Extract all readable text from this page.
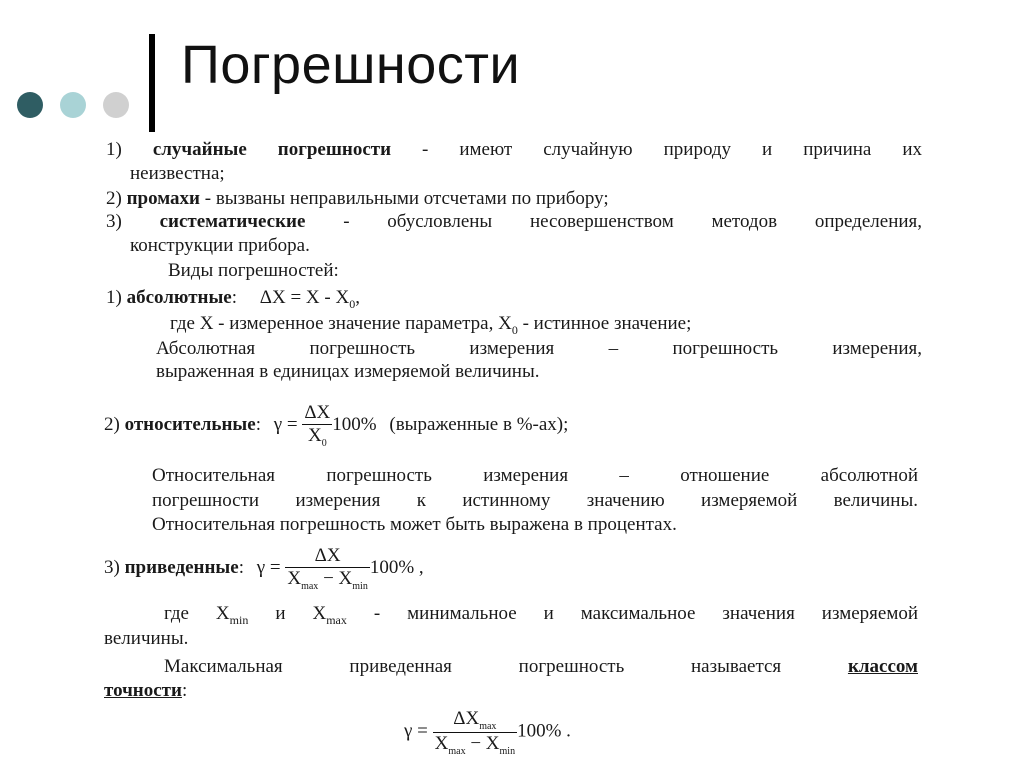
Погрешности
1) случайные погрешности - имеют случайную природу и причина их
неизвестна;
2) промахи - вызваны неправильными отсчетами по прибору;
3) систематические - обусловлены несовершенством методов определения,
конструкции прибора.
Виды погрешностей:
1) абсолютные: $\Delta X = X - X_0$,
где X - измеренное значение параметра, $X_0$ - истинное значение;
Абсолютная погрешность измерения – погрешность измерения,
выраженная в единицах измеряемой величины.
2) относительные: $\gamma = \frac{\Delta X}{X_0} 100\%$ (выраженные в %-ах);
Относительная погрешность измерения – отношение абсолютной
погрешности измерения к истинному значению измеряемой величины.
Относительная погрешность может быть выражена в процентах.
3) приведенные: $\gamma = \frac{\Delta X}{X_{max} - X_{min}} 100\%$ ,
где $X_{min}$ и $X_{max}$ - минимальное и максимальное значения измеряемой
величины.
Максимальная приведенная погрешность называется	классом
точности:
$\gamma = \frac{\Delta X_{max}}{X_{max} - X_{min}} 100\%$ .
